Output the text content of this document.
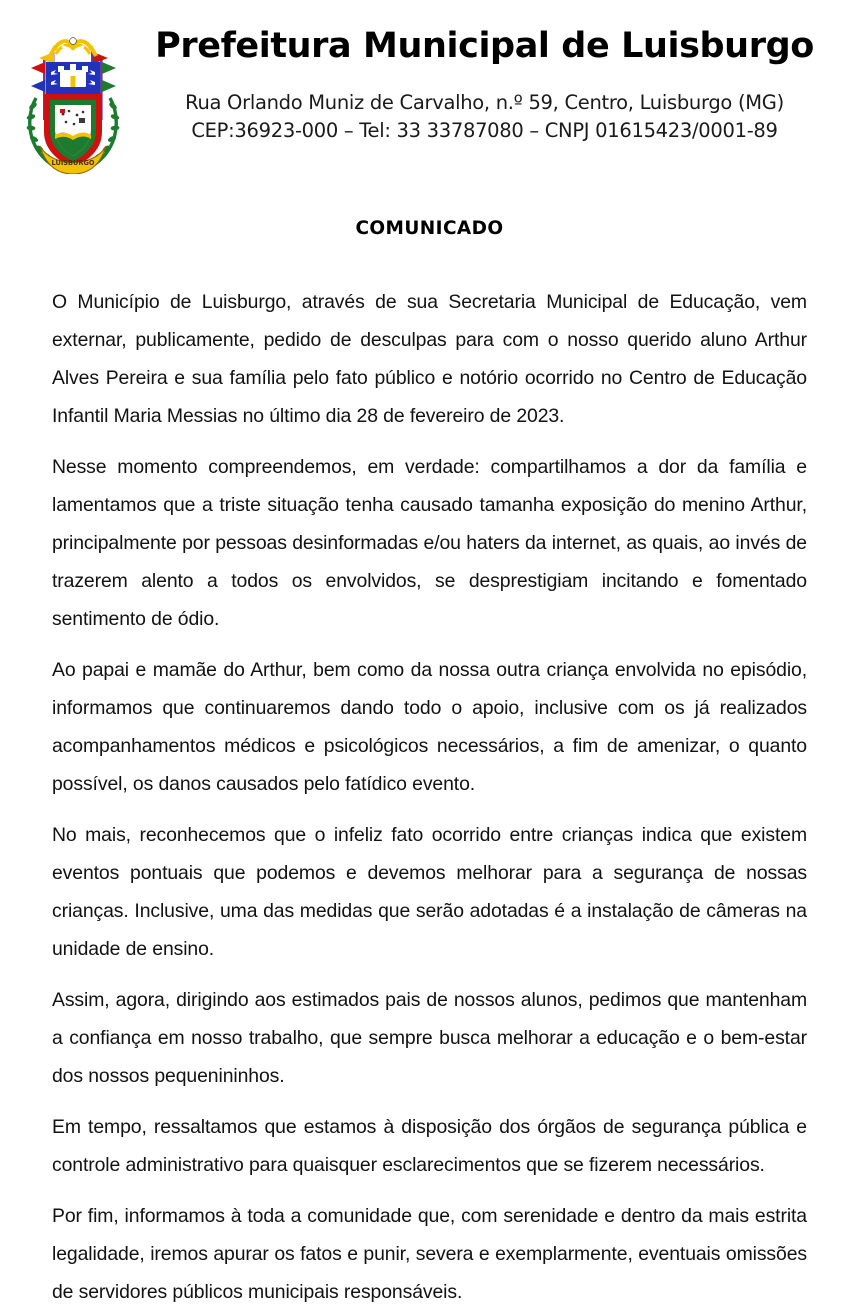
LUISBURGO
Prefeitura Municipal de Luisburgo

Rua Orlando Muniz de Carvalho, n.º 59, Centro, Luisburgo (MG)
CEP:36923-000 – Tel: 33 33787080 – CNPJ 01615423/0001-89

COMUNICADO

O Município de Luisburgo, através de sua Secretaria Municipal de Educação, vem externar, publicamente, pedido de desculpas para com o nosso querido aluno Arthur Alves Pereira e sua família pelo fato público e notório ocorrido no Centro de Educação Infantil Maria Messias no último dia 28 de fevereiro de 2023.

Nesse momento compreendemos, em verdade: compartilhamos a dor da família e lamentamos que a triste situação tenha causado tamanha exposição do menino Arthur, principalmente por pessoas desinformadas e/ou haters da internet, as quais, ao invés de trazerem alento a todos os envolvidos, se desprestigiam incitando e fomentado sentimento de ódio.

Ao papai e mamãe do Arthur, bem como da nossa outra criança envolvida no episódio, informamos que continuaremos dando todo o apoio, inclusive com os já realizados acompanhamentos médicos e psicológicos necessários, a fim de amenizar, o quanto possível, os danos causados pelo fatídico evento.

No mais, reconhecemos que o infeliz fato ocorrido entre crianças indica que existem eventos pontuais que podemos e devemos melhorar para a segurança de nossas crianças. Inclusive, uma das medidas que serão adotadas é a instalação de câmeras na unidade de ensino.

Assim, agora, dirigindo aos estimados pais de nossos alunos, pedimos que mantenham a confiança em nosso trabalho, que sempre busca melhorar a educação e o bem-estar dos nossos pequenininhos.

Em tempo, ressaltamos que estamos à disposição dos órgãos de segurança pública e controle administrativo para quaisquer esclarecimentos que se fizerem necessários.

Por fim, informamos à toda a comunidade que, com serenidade e dentro da mais estrita legalidade, iremos apurar os fatos e punir, severa e exemplarmente, eventuais omissões de servidores públicos municipais responsáveis.
